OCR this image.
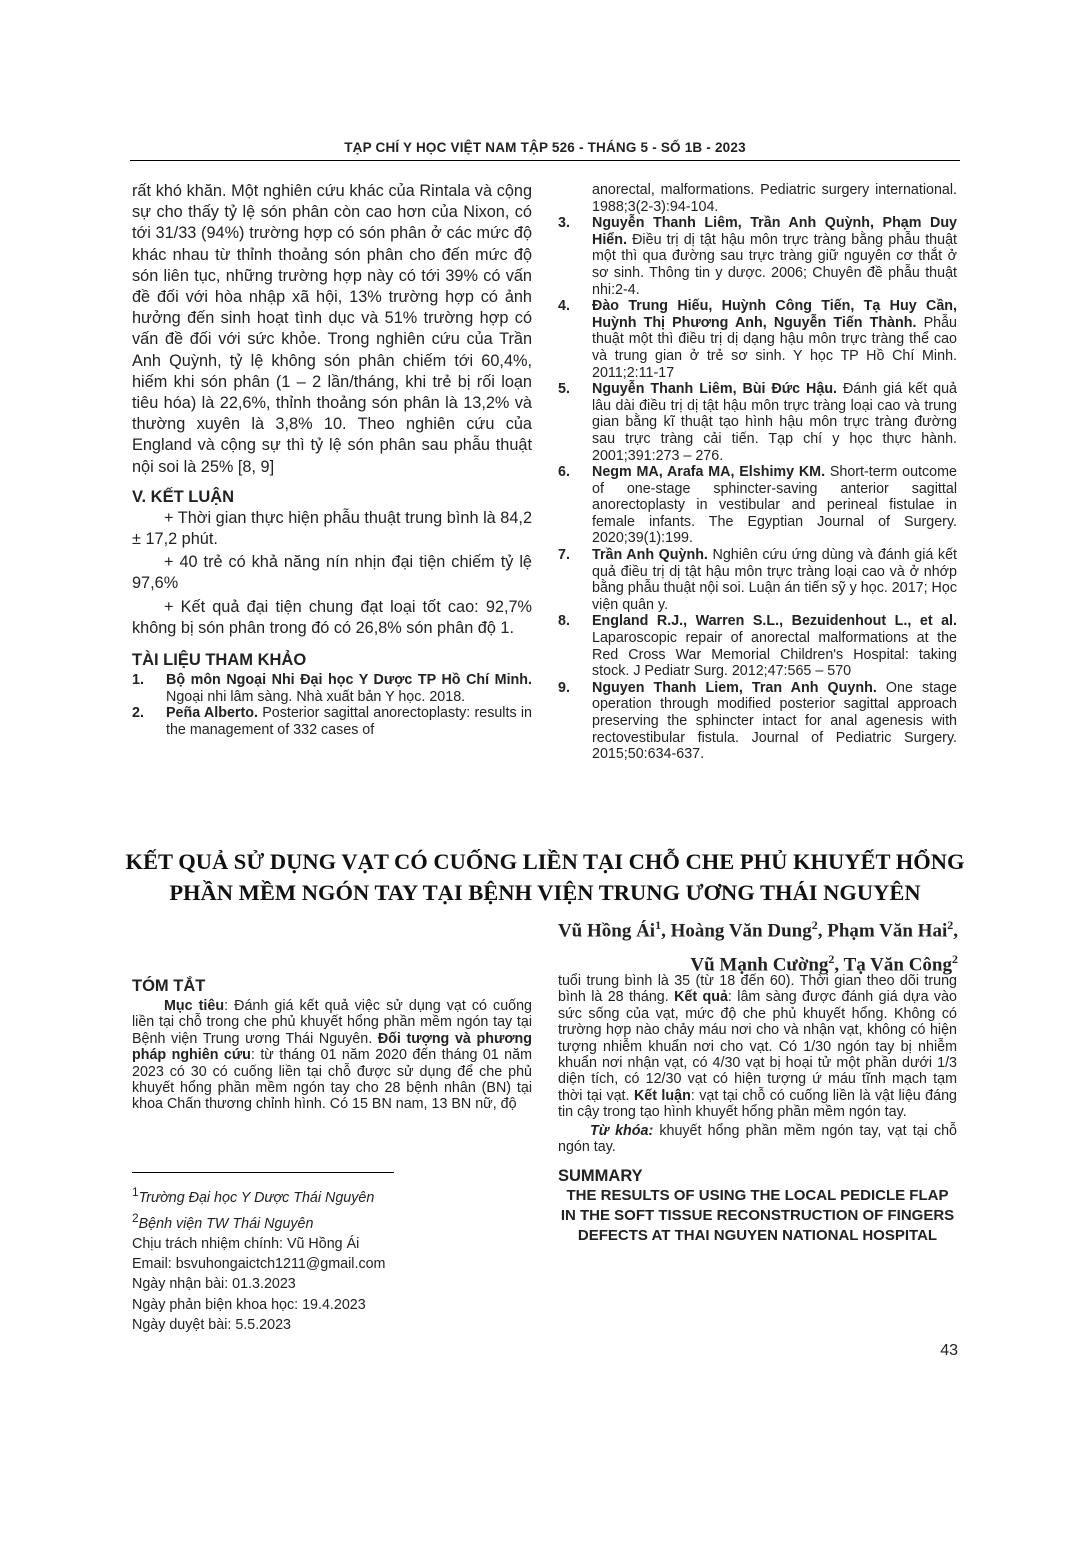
TẠP CHÍ Y HỌC VIỆT NAM TẬP 526 - THÁNG 5 - SỐ 1B - 2023

rất khó khăn. Một nghiên cứu khác của Rintala và cộng sự cho thấy tỷ lệ són phân còn cao hơn của Nixon, có tới 31/33 (94%) trường hợp có són phân ở các mức độ khác nhau từ thỉnh thoảng són phân cho đến mức độ són liên tục, những trường hợp này có tới 39% có vấn đề đối với hòa nhập xã hội, 13% trường hợp có ảnh hưởng đến sinh hoạt tình dục và 51% trường hợp có vấn đề đối với sức khỏe. Trong nghiên cứu của Trần Anh Quỳnh, tỷ lệ không són phân chiếm tới 60,4%, hiếm khi són phân (1 – 2 lần/tháng, khi trẻ bị rối loạn tiêu hóa) là 22,6%, thỉnh thoảng són phân là 13,2% và thường xuyên là 3,8% 10. Theo nghiên cứu của England và cộng sự thì tỷ lệ són phân sau phẫu thuật nội soi là 25% [8, 9]

V. KẾT LUẬN

+ Thời gian thực hiện phẫu thuật trung bình là 84,2 ± 17,2 phút.

+ 40 trẻ có khả năng nín nhịn đại tiện chiếm tỷ lệ 97,6%

+ Kết quả đại tiện chung đạt loại tốt cao: 92,7% không bị són phân trong đó có 26,8% són phân độ 1.

TÀI LIỆU THAM KHẢO

1. Bộ môn Ngoại Nhi Đại học Y Dược TP Hồ Chí Minh. Ngoại nhi lâm sàng. Nhà xuất bản Y học. 2018.
2. Peña Alberto. Posterior sagittal anorectoplasty: results in the management of 332 cases of
anorectal, malformations. Pediatric surgery international. 1988;3(2-3):94-104.
3. Nguyễn Thanh Liêm, Trần Anh Quỳnh, Phạm Duy Hiển. Điều trị dị tật hậu môn trực tràng bằng phẫu thuật một thì qua đường sau trực tràng giữ nguyên cơ thắt ở sơ sinh. Thông tin y dược. 2006; Chuyên đề phẫu thuật nhi:2-4.
4. Đào Trung Hiếu, Huỳnh Công Tiến, Tạ Huy Cần, Huỳnh Thị Phương Anh, Nguyễn Tiến Thành. Phẫu thuật một thì điều trị dị dạng hậu môn trực tràng thể cao và trung gian ở trẻ sơ sinh. Y học TP Hồ Chí Minh. 2011;2:11-17
5. Nguyễn Thanh Liêm, Bùi Đức Hậu. Đánh giá kết quả lâu dài điều trị dị tật hậu môn trực tràng loại cao và trung gian bằng kĩ thuật tạo hình hậu môn trực tràng đường sau trực tràng cải tiến. Tạp chí y học thực hành. 2001;391:273 – 276.
6. Negm MA, Arafa MA, Elshimy KM. Short-term outcome of one-stage sphincter-saving anterior sagittal anorectoplasty in vestibular and perineal fistulae in female infants. The Egyptian Journal of Surgery. 2020;39(1):199.
7. Trần Anh Quỳnh. Nghiên cứu ứng dùng và đánh giá kết quả điều trị dị tật hậu môn trực tràng loại cao và ở nhớp bằng phẫu thuật nội soi. Luận án tiến sỹ y học. 2017; Học viện quân y.
8. England R.J., Warren S.L., Bezuidenhout L., et al. Laparoscopic repair of anorectal malformations at the Red Cross War Memorial Children's Hospital: taking stock. J Pediatr Surg. 2012;47:565 – 570
9. Nguyen Thanh Liem, Tran Anh Quynh. One stage operation through modified posterior sagittal approach preserving the sphincter intact for anal agenesis with rectovestibular fistula. Journal of Pediatric Surgery. 2015;50:634-637.
KẾT QUẢ SỬ DỤNG VẠT CÓ CUỐNG LIỀN TẠI CHỖ CHE PHỦ KHUYẾT HỔNG
PHẦN MỀM NGÓN TAY TẠI BỆNH VIỆN TRUNG ƯƠNG THÁI NGUYÊN
Vũ Hồng $Ái^1$, Hoàng Văn Dung$^2$, Phạm Văn Hai$^2$,
Vũ Mạnh Cường$^2$, Tạ Văn Công$^2$

TÓM TẮT

Mục tiêu: Đánh giá kết quả việc sử dụng vạt có cuống liền tại chỗ trong che phủ khuyết hổng phần mềm ngón tay tại Bệnh viện Trung ương Thái Nguyên. Đối tượng và phương pháp nghiên cứu: từ tháng 01 năm 2020 đến tháng 01 năm 2023 có 30 có cuống liền tại chỗ được sử dụng để che phủ khuyết hổng phần mềm ngón tay cho 28 bệnh nhân (BN) tại khoa Chấn thương chỉnh hình. Có 15 BN nam, 13 BN nữ, độ

$^1$Trường Đại học Y Dược Thái Nguyên
$^2$Bệnh viện TW Thái Nguyên
Chịu trách nhiệm chính: Vũ Hồng Ái
Email: bsvuhongaictch1211@gmail.com
Ngày nhận bài: 01.3.2023
Ngày phản biện khoa học: 19.4.2023
Ngày duyệt bài: 5.5.2023

tuổi trung bình là 35 (từ 18 đến 60). Thời gian theo dõi trung bình là 28 tháng. Kết quả: lâm sàng được đánh giá dựa vào sức sống của vạt, mức độ che phủ khuyết hổng. Không có trường hợp nào chảy máu nơi cho và nhận vạt, không có hiện tượng nhiễm khuẩn nơi cho vạt. Có 1/30 ngón tay bị nhiễm khuẩn nơi nhận vạt, có 4/30 vạt bị hoại tử một phần dưới 1/3 diện tích, có 12/30 vạt có hiện tượng ứ máu tĩnh mạch tạm thời tại vạt. Kết luận: vạt tại chỗ có cuống liền là vật liệu đáng tin cậy trong tạo hình khuyết hổng phần mềm ngón tay.

Từ khóa: khuyết hổng phần mềm ngón tay, vạt tại chỗ ngón tay.

SUMMARY

THE RESULTS OF USING THE LOCAL PEDICLE FLAP IN THE SOFT TISSUE RECONSTRUCTION OF FINGERS DEFECTS AT THAI NGUYEN NATIONAL HOSPITAL

43
